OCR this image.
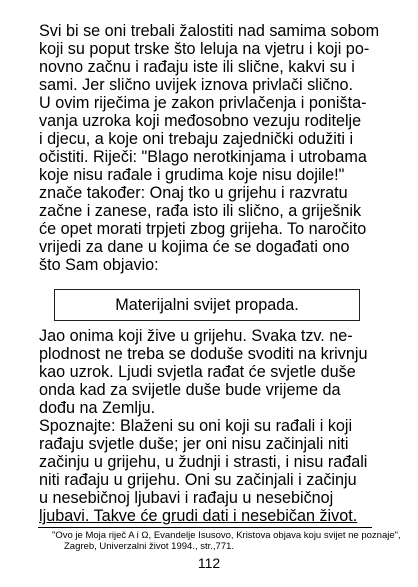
Svi bi se oni trebali žalostiti nad samima sobom
koji su poput trske što leluja na vjetru i koji po-
novno začnu i rađaju iste ili slične, kakvi su i
sami. Jer slično uvijek iznova privlači slično.
U ovim riječima je zakon privlačenja i poništa-
vanja uzroka koji međosobno vezuju roditelje
i djecu, a koje oni trebaju zajednički odužiti i
očistiti. Riječi: "Blago nerotkinjama i utrobama
koje nisu rađale i grudima koje nisu dojile!"
znače također: Onaj tko u grijehu i razvratu
začne i zanese, rađa isto ili slično, a griješnik
će opet morati trpjeti zbog grijeha. To naročito
vrijedi za dane u kojima će se događati ono
što Sam objavio:
Materijalni svijet propada.
Jao onima koji žive u grijehu. Svaka tzv. ne-
plodnost ne treba se doduše svoditi na krivnju
kao uzrok. Ljudi svjetla rađat će svjetle duše
onda kad za svijetle duše bude vrijeme da
dođu na Zemlju.
Spoznajte: Blaženi su oni koji su rađali i koji
rađaju svjetle duše; jer oni nisu začinjali niti
začinju u grijehu, u žudnji i strasti, i nisu rađali
niti rađaju u grijehu. Oni su začinjali i začinju
u nesebičnoj ljubavi i rađaju u nesebičnoj
ljubavi. Takve će grudi dati i nesebičan život.
"Ovo je Moja riječ A i Ω, Evandelje Isusovo, Kristova objava koju svijet ne poznaje",
Zagreb, Univerzalni život 1994., str.,771.
112
